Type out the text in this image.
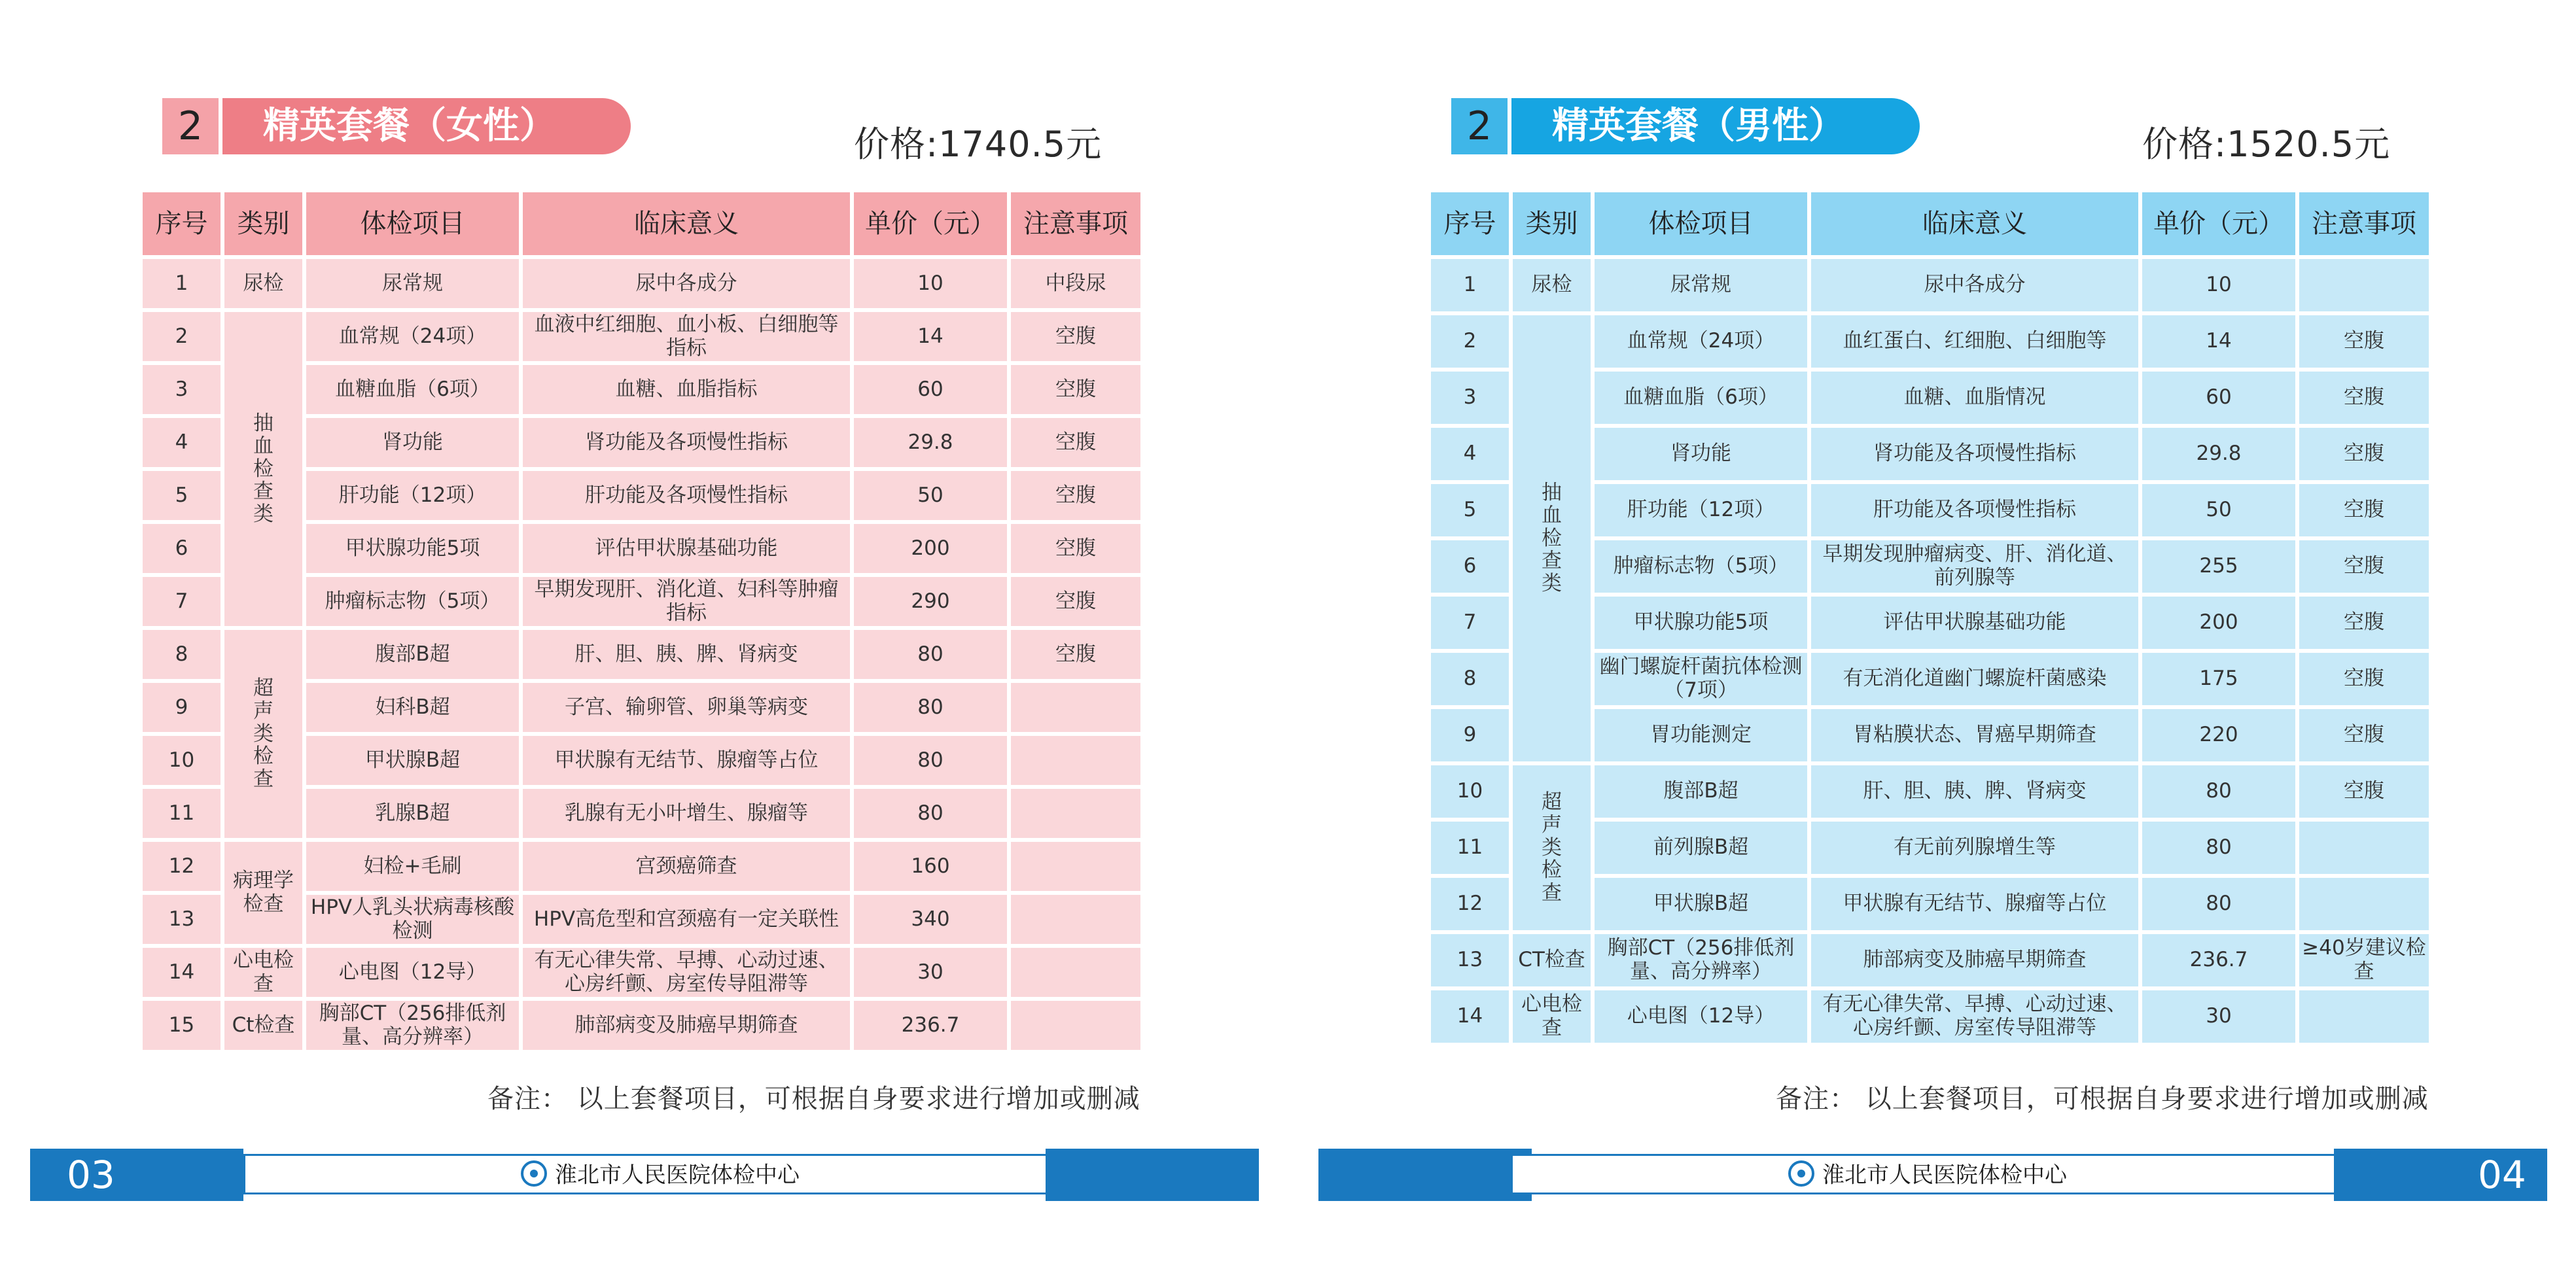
2	精英套餐（女性）	价格:1740.5元
序号	类别	体检项目	临床意义	单价（元）	注意事项
1	尿检	尿常规	尿中各成分	10	中段尿
2	抽血检查类	血常规（24项）	血液中红细胞、血小板、白细胞等指标	14	空腹
3		血糖血脂（6项）	血糖、血脂指标	60	空腹
4		肾功能	肾功能及各项慢性指标	29.8	空腹
5		肝功能（12项）	肝功能及各项慢性指标	50	空腹
6		甲状腺功能5项	评估甲状腺基础功能	200	空腹
7		肿瘤标志物（5项）	早期发现肝、消化道、妇科等肿瘤指标	290	空腹
8	超声类检查	腹部B超	肝、胆、胰、脾、肾病变	80	空腹
9		妇科B超	子宫、输卵管、卵巢等病变	80	
10		甲状腺B超	甲状腺有无结节、腺瘤等占位	80	
11		乳腺B超	乳腺有无小叶增生、腺瘤等	80	
12	病理学检查	妇检+毛刷	宫颈癌筛查	160	
13		HPV人乳头状病毒核酸检测	HPV高危型和宫颈癌有一定关联性	340	
14	心电检查	心电图（12导）	有无心律失常、早搏、心动过速、心房纤颤、房室传导阻滞等	30	
15	Ct检查	胸部CT（256排低剂量、高分辨率）	肺部病变及肺癌早期筛查	236.7	
备注： 以上套餐项目，可根据自身要求进行增加或删减
03	淮北市人民医院体检中心
2	精英套餐（男性）	价格:1520.5元
序号	类别	体检项目	临床意义	单价（元）	注意事项
1	尿检	尿常规	尿中各成分	10	
2	抽血检查类	血常规（24项）	血红蛋白、红细胞、白细胞等	14	空腹
3		血糖血脂（6项）	血糖、血脂情况	60	空腹
4		肾功能	肾功能及各项慢性指标	29.8	空腹
5		肝功能（12项）	肝功能及各项慢性指标	50	空腹
6		肿瘤标志物（5项）	早期发现肿瘤病变、肝、消化道、前列腺等	255	空腹
7		甲状腺功能5项	评估甲状腺基础功能	200	空腹
8		幽门螺旋杆菌抗体检测（7项）	有无消化道幽门螺旋杆菌感染	175	空腹
9		胃功能测定	胃粘膜状态、胃癌早期筛查	220	空腹
10	超声类检查	腹部B超	肝、胆、胰、脾、肾病变	80	空腹
11		前列腺B超	有无前列腺增生等	80	
12		甲状腺B超	甲状腺有无结节、腺瘤等占位	80	
13	CT检查	胸部CT（256排低剂量、高分辨率）	肺部病变及肺癌早期筛查	236.7	≥40岁建议检查
14	心电检查	心电图（12导）	有无心律失常、早搏、心动过速、心房纤颤、房室传导阻滞等	30	
备注： 以上套餐项目，可根据自身要求进行增加或删减
淮北市人民医院体检中心	04
